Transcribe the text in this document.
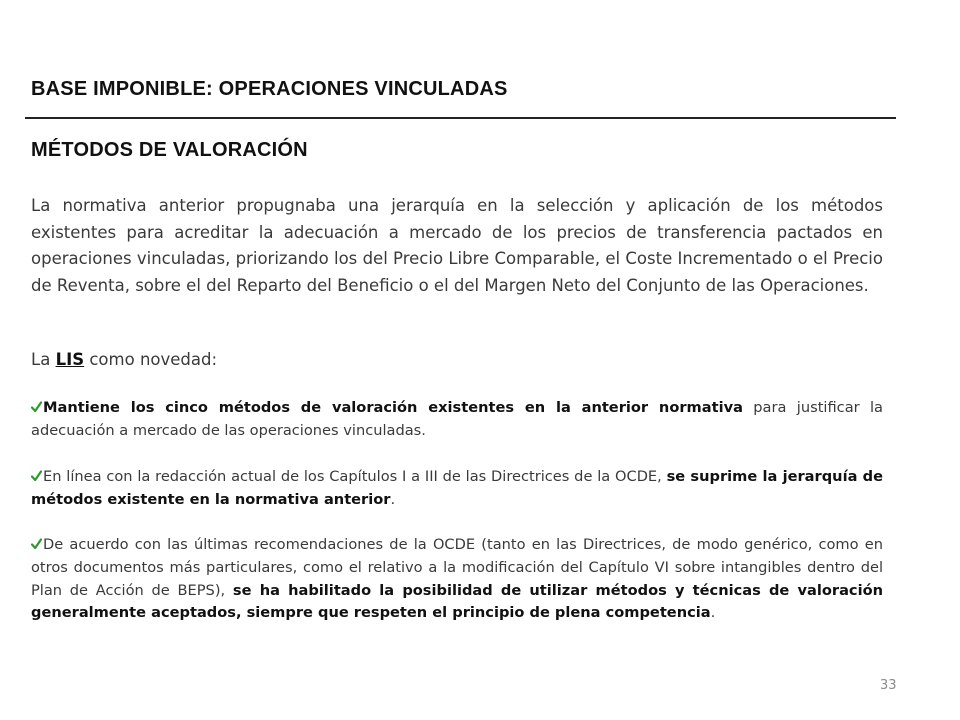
BASE IMPONIBLE: OPERACIONES VINCULADAS
MÉTODOS DE VALORACIÓN

La normativa anterior propugnaba una jerarquía en la selección y aplicación de los métodos existentes para acreditar la adecuación a mercado de los precios de transferencia pactados en operaciones vinculadas, priorizando los del Precio Libre Comparable, el Coste Incrementado o el Precio de Reventa, sobre el del Reparto del Beneficio o el del Margen Neto del Conjunto de las Operaciones.

La LIS como novedad:

Mantiene los cinco métodos de valoración existentes en la anterior normativa para justificar la adecuación a mercado de las operaciones vinculadas.

En línea con la redacción actual de los Capítulos I a III de las Directrices de la OCDE, se suprime la jerarquía de métodos existente en la normativa anterior.

De acuerdo con las últimas recomendaciones de la OCDE (tanto en las Directrices, de modo genérico, como en otros documentos más particulares, como el relativo a la modificación del Capítulo VI sobre intangibles dentro del Plan de Acción de BEPS), se ha habilitado la posibilidad de utilizar métodos y técnicas de valoración generalmente aceptados, siempre que respeten el principio de plena competencia.

33
